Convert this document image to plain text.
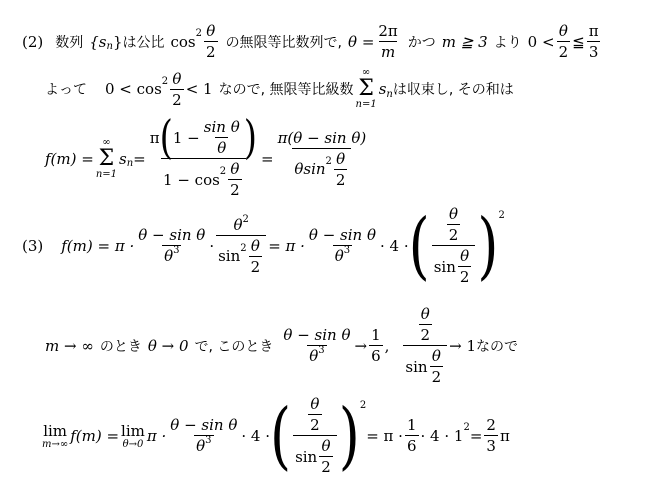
(2) 数列 {s n } は公比 $\cos 2 \frac{\theta}{2}$ の無限等比数列で, $\theta = \frac{2\pi}{m}$ かつ m ≧ 3 より $0 < \frac{\theta}{2}$ ≦ $\frac{\pi}{3}$
よって $0 < \cos 2 \frac{\theta}{2} < 1$ なので, 無限等比級数
∞
Σ
n=1
s n は収束し, その和は
f(m) =
∞
Σ
n=1
s $n = \frac{\pi ( 1 - \frac{\text{sin θ}}{\theta} )}{1 - \cos 2 \frac{\theta}{2}} = \frac{\text{π(θ − sin θ)}}{\theta\sin 2 \frac{\theta}{2}}$
(3) $f(m) = \pi \cdot \frac{\text{θ − sin θ}}{\theta^3} \cdot \frac{\theta^2}{\sin 2 \frac{\theta}{2}} = \pi \cdot \frac{\text{θ − sin θ}}{\theta^3} \cdot 4$ · ( $\frac{\frac{\theta}{2}}{\sin \frac{\theta}{2}}$ ) 2
m → ∞ のとき θ → 0 で, このとき $\frac{\text{θ − sin θ}}{\theta^3} \to \frac{1}{6}$ , $\frac{\frac{\theta}{2}}{\sin \frac{\theta}{2}} \to 1$ なので
lim
m→∞ f(m) = lim
θ→0 $\pi \cdot \frac{\text{θ − sin θ}}{\theta^3} \cdot 4$ · ( $\frac{\frac{\theta}{2}}{\sin \frac{\theta}{2}}$ ) 2
= $\pi \cdot \frac{1}{6} \cdot 4 \cdot 1$ $2 = \frac{2}{3}$ π
